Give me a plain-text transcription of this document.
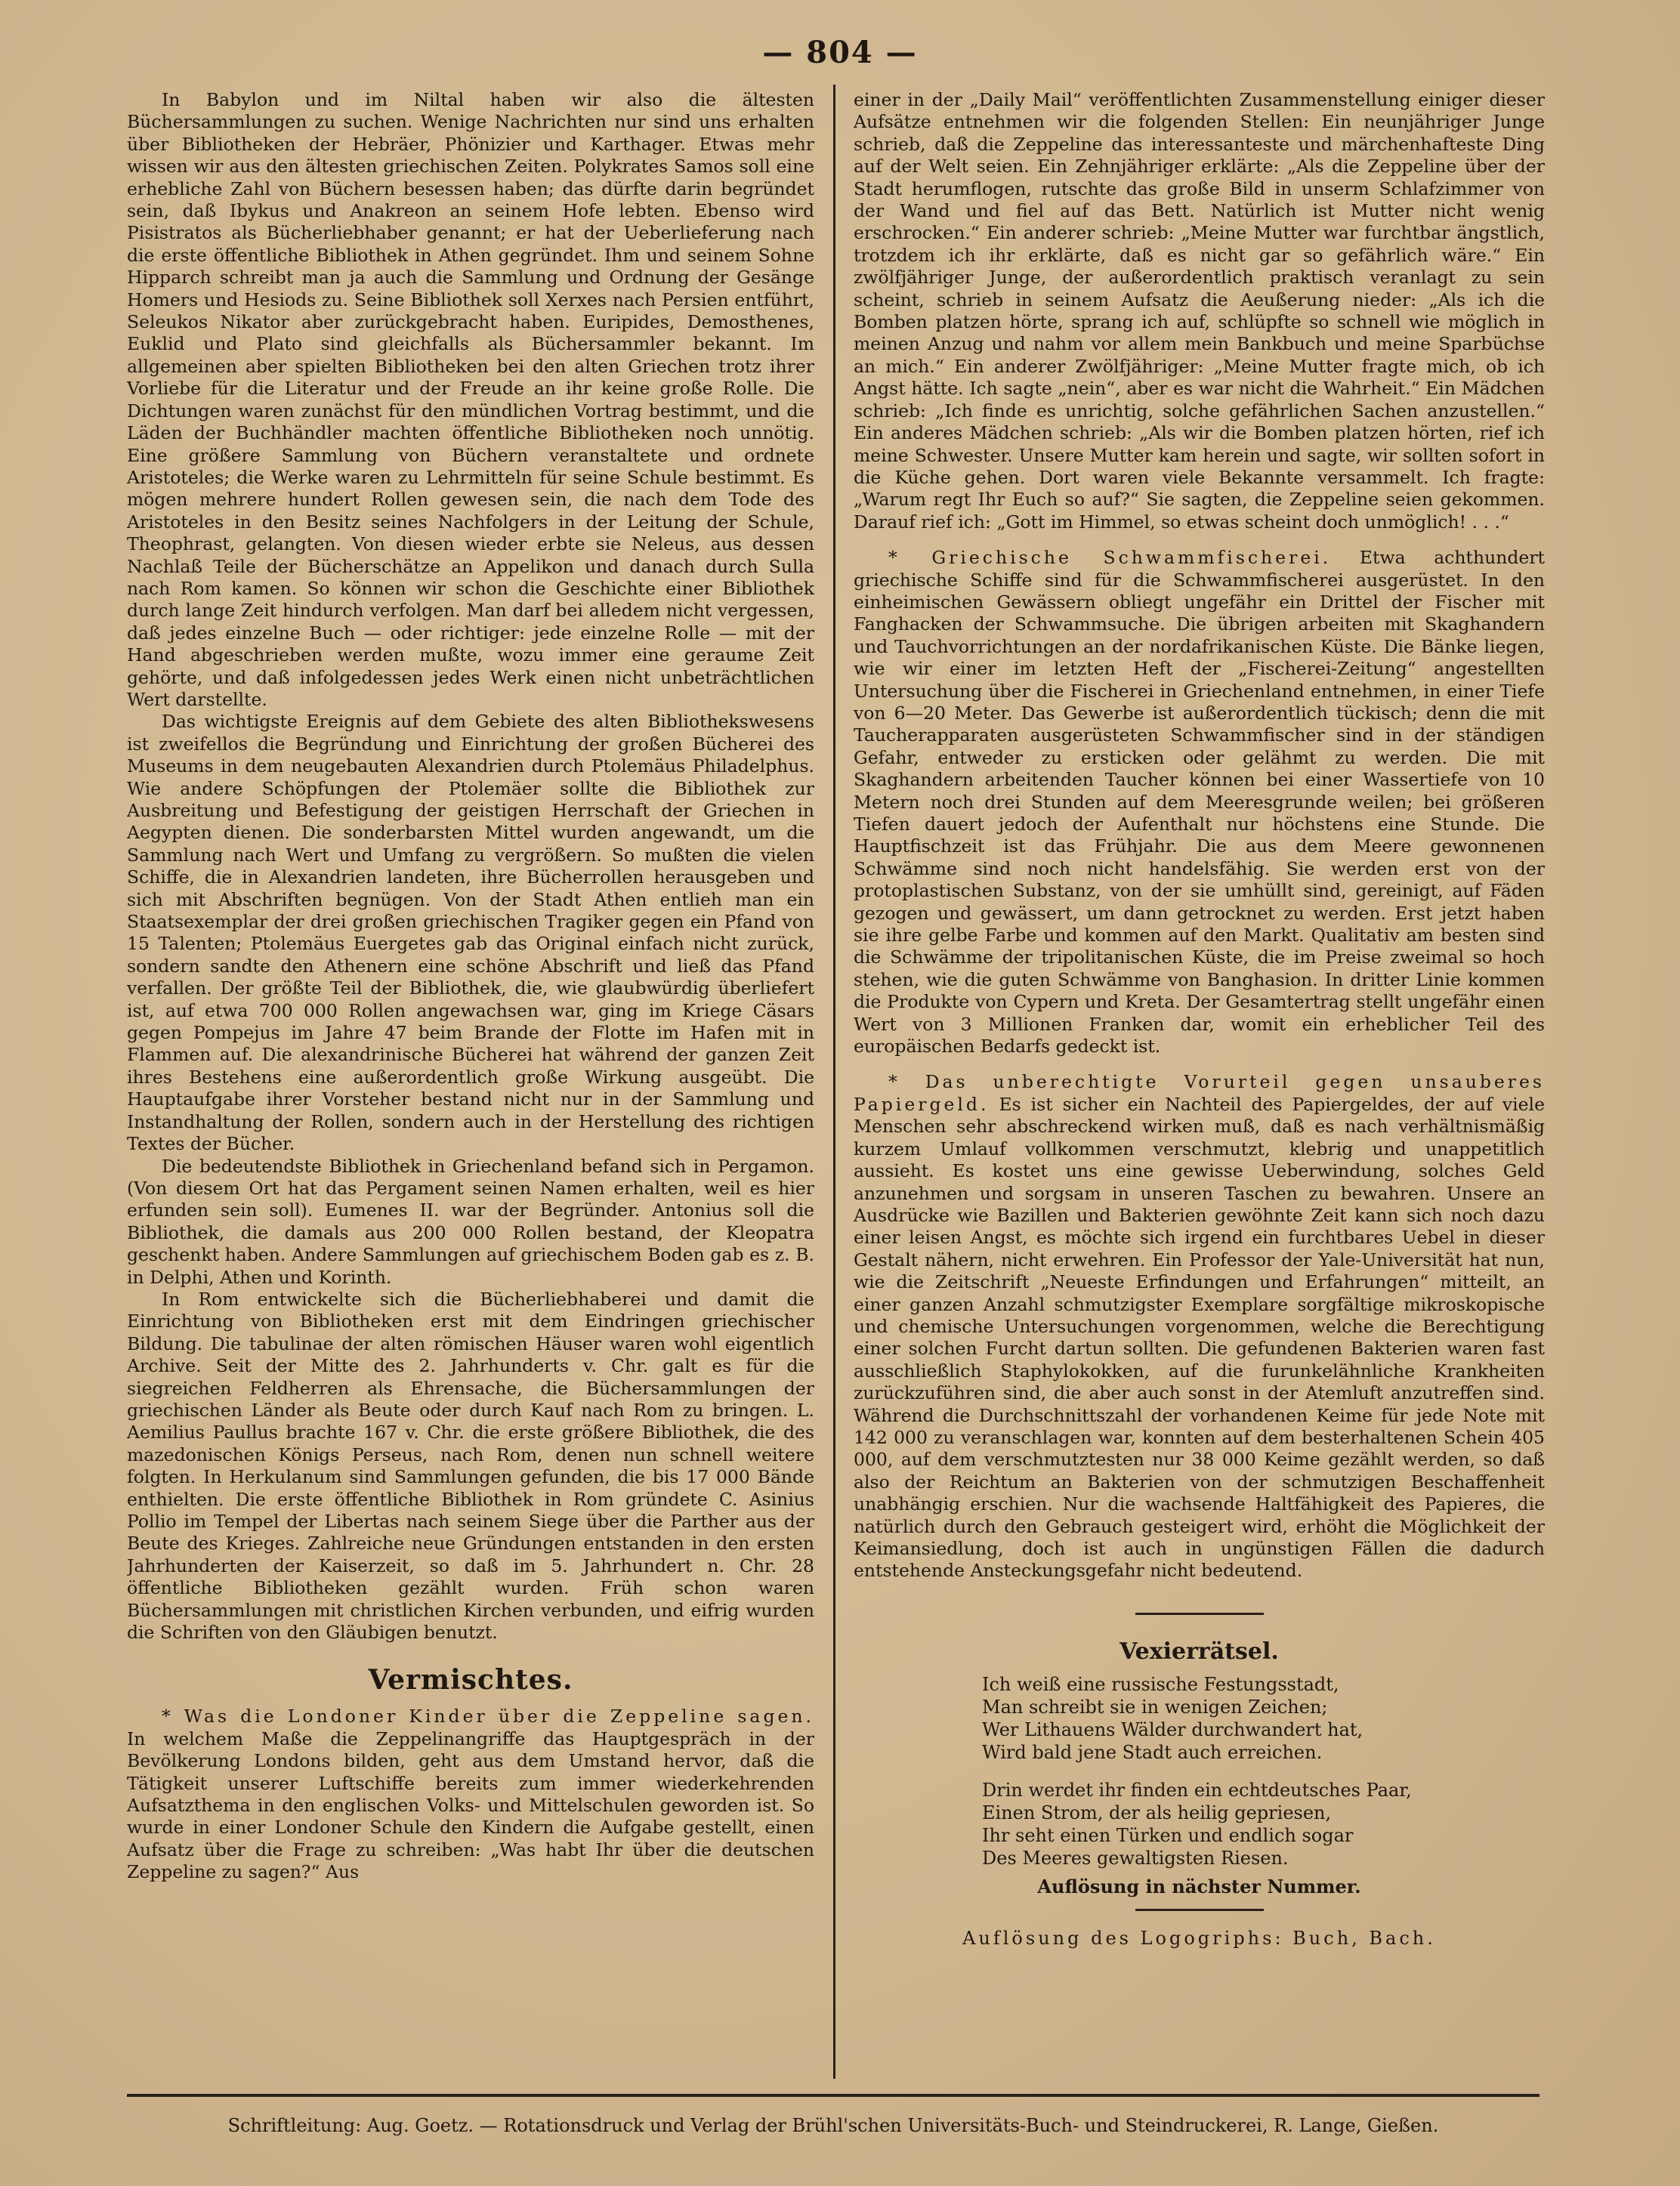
— 804 —

In Babylon und im Niltal haben wir also die ältesten Büchersammlungen zu suchen. Wenige Nachrichten nur sind uns erhalten über Bibliotheken der Hebräer, Phönizier und Karthager. Etwas mehr wissen wir aus den ältesten griechischen Zeiten. Polykrates Samos soll eine erhebliche Zahl von Büchern besessen haben; das dürfte darin begründet sein, daß Ibykus und Anakreon an seinem Hofe lebten. Ebenso wird Pisistratos als Bücherliebhaber genannt; er hat der Ueberlieferung nach die erste öffentliche Bibliothek in Athen gegründet. Ihm und seinem Sohne Hipparch schreibt man ja auch die Sammlung und Ordnung der Gesänge Homers und Hesiods zu. Seine Bibliothek soll Xerxes nach Persien entführt, Seleukos Nikator aber zurückgebracht haben. Euripides, Demosthenes, Euklid und Plato sind gleichfalls als Büchersammler bekannt. Im allgemeinen aber spielten Bibliotheken bei den alten Griechen trotz ihrer Vorliebe für die Literatur und der Freude an ihr keine große Rolle. Die Dichtungen waren zunächst für den mündlichen Vortrag bestimmt, und die Läden der Buchhändler machten öffentliche Bibliotheken noch unnötig. Eine größere Sammlung von Büchern veranstaltete und ordnete Aristoteles; die Werke waren zu Lehrmitteln für seine Schule bestimmt. Es mögen mehrere hundert Rollen gewesen sein, die nach dem Tode des Aristoteles in den Besitz seines Nachfolgers in der Leitung der Schule, Theophrast, gelangten. Von diesen wieder erbte sie Neleus, aus dessen Nachlaß Teile der Bücherschätze an Appelikon und danach durch Sulla nach Rom kamen. So können wir schon die Geschichte einer Bibliothek durch lange Zeit hindurch verfolgen. Man darf bei alledem nicht vergessen, daß jedes einzelne Buch — oder richtiger: jede einzelne Rolle — mit der Hand abgeschrieben werden mußte, wozu immer eine geraume Zeit gehörte, und daß infolgedessen jedes Werk einen nicht unbeträchtlichen Wert darstellte.

Das wichtigste Ereignis auf dem Gebiete des alten Bibliothekswesens ist zweifellos die Begründung und Einrichtung der großen Bücherei des Museums in dem neugebauten Alexandrien durch Ptolemäus Philadelphus. Wie andere Schöpfungen der Ptolemäer sollte die Bibliothek zur Ausbreitung und Befestigung der geistigen Herrschaft der Griechen in Aegypten dienen. Die sonderbarsten Mittel wurden angewandt, um die Sammlung nach Wert und Umfang zu vergrößern. So mußten die vielen Schiffe, die in Alexandrien landeten, ihre Bücherrollen herausgeben und sich mit Abschriften begnügen. Von der Stadt Athen entlieh man ein Staatsexemplar der drei großen griechischen Tragiker gegen ein Pfand von 15 Talenten; Ptolemäus Euergetes gab das Original einfach nicht zurück, sondern sandte den Athenern eine schöne Abschrift und ließ das Pfand verfallen. Der größte Teil der Bibliothek, die, wie glaubwürdig überliefert ist, auf etwa 700 000 Rollen angewachsen war, ging im Kriege Cäsars gegen Pompejus im Jahre 47 beim Brande der Flotte im Hafen mit in Flammen auf. Die alexandrinische Bücherei hat während der ganzen Zeit ihres Bestehens eine außerordentlich große Wirkung ausgeübt. Die Hauptaufgabe ihrer Vorsteher bestand nicht nur in der Sammlung und Instandhaltung der Rollen, sondern auch in der Herstellung des richtigen Textes der Bücher.

Die bedeutendste Bibliothek in Griechenland befand sich in Pergamon. (Von diesem Ort hat das Pergament seinen Namen erhalten, weil es hier erfunden sein soll). Eumenes II. war der Begründer. Antonius soll die Bibliothek, die damals aus 200 000 Rollen bestand, der Kleopatra geschenkt haben. Andere Sammlungen auf griechischem Boden gab es z. B. in Delphi, Athen und Korinth.

In Rom entwickelte sich die Bücherliebhaberei und damit die Einrichtung von Bibliotheken erst mit dem Eindringen griechischer Bildung. Die tabulinae der alten römischen Häuser waren wohl eigentlich Archive. Seit der Mitte des 2. Jahrhunderts v. Chr. galt es für die siegreichen Feldherren als Ehrensache, die Büchersammlungen der griechischen Länder als Beute oder durch Kauf nach Rom zu bringen. L. Aemilius Paullus brachte 167 v. Chr. die erste größere Bibliothek, die des mazedonischen Königs Perseus, nach Rom, denen nun schnell weitere folgten. In Herkulanum sind Sammlungen gefunden, die bis 17 000 Bände enthielten. Die erste öffentliche Bibliothek in Rom gründete C. Asinius Pollio im Tempel der Libertas nach seinem Siege über die Parther aus der Beute des Krieges. Zahlreiche neue Gründungen entstanden in den ersten Jahrhunderten der Kaiserzeit, so daß im 5. Jahrhundert n. Chr. 28 öffentliche Bibliotheken gezählt wurden. Früh schon waren Büchersammlungen mit christlichen Kirchen verbunden, und eifrig wurden die Schriften von den Gläubigen benutzt.

Vermischtes.

* Was die Londoner Kinder über die Zeppeline sagen. In welchem Maße die Zeppelinangriffe das Hauptgespräch in der Bevölkerung Londons bilden, geht aus dem Umstand hervor, daß die Tätigkeit unserer Luftschiffe bereits zum immer wiederkehrenden Aufsatzthema in den englischen Volks- und Mittelschulen geworden ist. So wurde in einer Londoner Schule den Kindern die Aufgabe gestellt, einen Aufsatz über die Frage zu schreiben: „Was habt Ihr über die deutschen Zeppeline zu sagen?“ Aus

einer in der „Daily Mail“ veröffentlichten Zusammenstellung einiger dieser Aufsätze entnehmen wir die folgenden Stellen: Ein neunjähriger Junge schrieb, daß die Zeppeline das interessanteste und märchenhafteste Ding auf der Welt seien. Ein Zehnjähriger erklärte: „Als die Zeppeline über der Stadt herumflogen, rutschte das große Bild in unserm Schlafzimmer von der Wand und fiel auf das Bett. Natürlich ist Mutter nicht wenig erschrocken.“ Ein anderer schrieb: „Meine Mutter war furchtbar ängstlich, trotzdem ich ihr erklärte, daß es nicht gar so gefährlich wäre.“ Ein zwölfjähriger Junge, der außerordentlich praktisch veranlagt zu sein scheint, schrieb in seinem Aufsatz die Aeußerung nieder: „Als ich die Bomben platzen hörte, sprang ich auf, schlüpfte so schnell wie möglich in meinen Anzug und nahm vor allem mein Bankbuch und meine Sparbüchse an mich.“ Ein anderer Zwölfjähriger: „Meine Mutter fragte mich, ob ich Angst hätte. Ich sagte „nein“, aber es war nicht die Wahrheit.“ Ein Mädchen schrieb: „Ich finde es unrichtig, solche gefährlichen Sachen anzustellen.“ Ein anderes Mädchen schrieb: „Als wir die Bomben platzen hörten, rief ich meine Schwester. Unsere Mutter kam herein und sagte, wir sollten sofort in die Küche gehen. Dort waren viele Bekannte versammelt. Ich fragte: „Warum regt Ihr Euch so auf?“ Sie sagten, die Zeppeline seien gekommen. Darauf rief ich: „Gott im Himmel, so etwas scheint doch unmöglich! . . .“

* Griechische Schwammfischerei. Etwa achthundert griechische Schiffe sind für die Schwammfischerei ausgerüstet. In den einheimischen Gewässern obliegt ungefähr ein Drittel der Fischer mit Fanghacken der Schwammsuche. Die übrigen arbeiten mit Skaghandern und Tauchvorrichtungen an der nordafrikanischen Küste. Die Bänke liegen, wie wir einer im letzten Heft der „Fischerei-Zeitung“ angestellten Untersuchung über die Fischerei in Griechenland entnehmen, in einer Tiefe von 6—20 Meter. Das Gewerbe ist außerordentlich tückisch; denn die mit Taucherapparaten ausgerüsteten Schwammfischer sind in der ständigen Gefahr, entweder zu ersticken oder gelähmt zu werden. Die mit Skaghandern arbeitenden Taucher können bei einer Wassertiefe von 10 Metern noch drei Stunden auf dem Meeresgrunde weilen; bei größeren Tiefen dauert jedoch der Aufenthalt nur höchstens eine Stunde. Die Hauptfischzeit ist das Frühjahr. Die aus dem Meere gewonnenen Schwämme sind noch nicht handelsfähig. Sie werden erst von der protoplastischen Substanz, von der sie umhüllt sind, gereinigt, auf Fäden gezogen und gewässert, um dann getrocknet zu werden. Erst jetzt haben sie ihre gelbe Farbe und kommen auf den Markt. Qualitativ am besten sind die Schwämme der tripolitanischen Küste, die im Preise zweimal so hoch stehen, wie die guten Schwämme von Banghasion. In dritter Linie kommen die Produkte von Cypern und Kreta. Der Gesamtertrag stellt ungefähr einen Wert von 3 Millionen Franken dar, womit ein erheblicher Teil des europäischen Bedarfs gedeckt ist.

* Das unberechtigte Vorurteil gegen unsauberes Papiergeld. Es ist sicher ein Nachteil des Papiergeldes, der auf viele Menschen sehr abschreckend wirken muß, daß es nach verhältnismäßig kurzem Umlauf vollkommen verschmutzt, klebrig und unappetitlich aussieht. Es kostet uns eine gewisse Ueberwindung, solches Geld anzunehmen und sorgsam in unseren Taschen zu bewahren. Unsere an Ausdrücke wie Bazillen und Bakterien gewöhnte Zeit kann sich noch dazu einer leisen Angst, es möchte sich irgend ein furchtbares Uebel in dieser Gestalt nähern, nicht erwehren. Ein Professor der Yale-Universität hat nun, wie die Zeitschrift „Neueste Erfindungen und Erfahrungen“ mitteilt, an einer ganzen Anzahl schmutzigster Exemplare sorgfältige mikroskopische und chemische Untersuchungen vorgenommen, welche die Berechtigung einer solchen Furcht dartun sollten. Die gefundenen Bakterien waren fast ausschließlich Staphylokokken, auf die furunkelähnliche Krankheiten zurückzuführen sind, die aber auch sonst in der Atemluft anzutreffen sind. Während die Durchschnittszahl der vorhandenen Keime für jede Note mit 142 000 zu veranschlagen war, konnten auf dem besterhaltenen Schein 405 000, auf dem verschmutztesten nur 38 000 Keime gezählt werden, so daß also der Reichtum an Bakterien von der schmutzigen Beschaffenheit unabhängig erschien. Nur die wachsende Haltfähigkeit des Papieres, die natürlich durch den Gebrauch gesteigert wird, erhöht die Möglichkeit der Keimansiedlung, doch ist auch in ungünstigen Fällen die dadurch entstehende Ansteckungsgefahr nicht bedeutend.

Vexierrätsel.
Ich weiß eine russische Festungsstadt,
Man schreibt sie in wenigen Zeichen;
Wer Lithauens Wälder durchwandert hat,
Wird bald jene Stadt auch erreichen.
Drin werdet ihr finden ein echtdeutsches Paar,
Einen Strom, der als heilig gepriesen,
Ihr seht einen Türken und endlich sogar
Des Meeres gewaltigsten Riesen.
Auflösung in nächster Nummer.
Auflösung des Logogriphs: Buch, Bach.
Schriftleitung: Aug. Goetz. — Rotationsdruck und Verlag der Brühl'schen Universitäts-Buch- und Steindruckerei, R. Lange, Gießen.
